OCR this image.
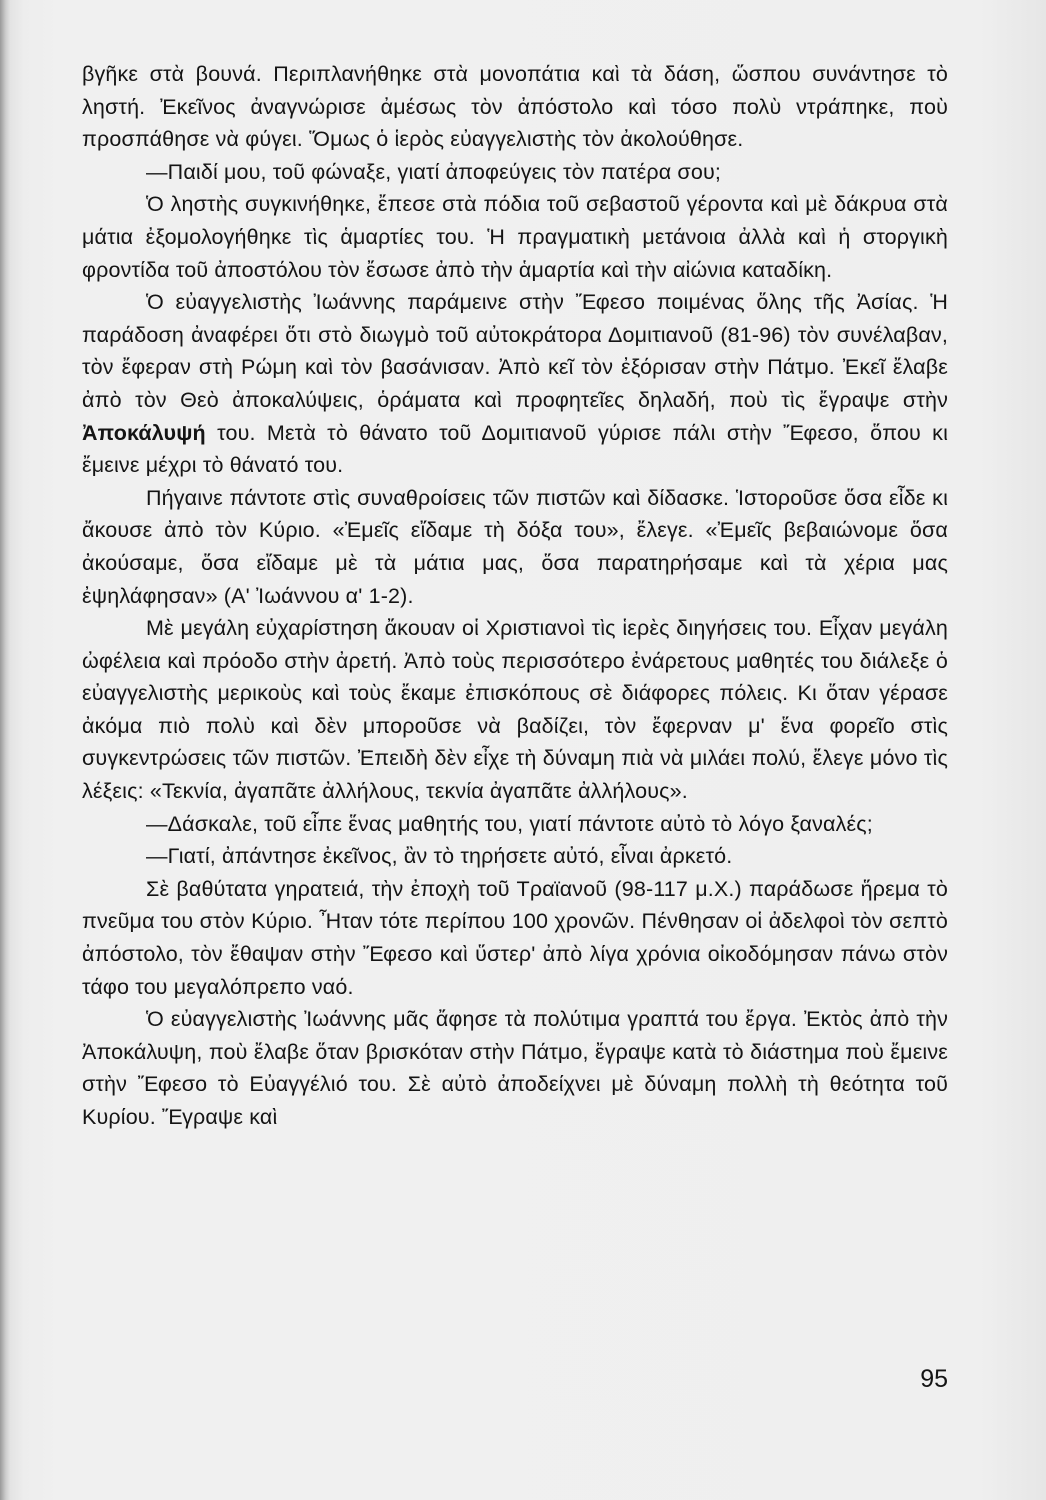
βγῆκε στὰ βουνά. Περιπλανήθηκε στὰ μονοπάτια καὶ τὰ δάση, ὥσπου συνάντησε τὸ ληστή. Ἐκεῖνος ἀναγνώρισε ἀμέσως τὸν ἀπόστολο καὶ τόσο πολὺ ντράπηκε, ποὺ προσπάθησε νὰ φύγει. Ὅμως ὁ ἱερὸς εὐαγγελιστὴς τὸν ἀκολούθησε.

—Παιδί μου, τοῦ φώναξε, γιατί ἀποφεύγεις τὸν πατέρα σου;

Ὁ ληστὴς συγκινήθηκε, ἔπεσε στὰ πόδια τοῦ σεβαστοῦ γέροντα καὶ μὲ δάκρυα στὰ μάτια ἐξομολογήθηκε τὶς ἁμαρτίες του. Ἡ πραγματικὴ μετάνοια ἀλλὰ καὶ ἡ στοργικὴ φροντίδα τοῦ ἀποστόλου τὸν ἔσωσε ἀπὸ τὴν ἁμαρτία καὶ τὴν αἰώνια καταδίκη.

Ὁ εὐαγγελιστὴς Ἰωάννης παράμεινε στὴν Ἔφεσο ποιμένας ὅλης τῆς Ἀσίας. Ἡ παράδοση ἀναφέρει ὅτι στὸ διωγμὸ τοῦ αὐτοκράτορα Δομιτιανοῦ (81-96) τὸν συνέλαβαν, τὸν ἔφεραν στὴ Ρώμη καὶ τὸν βασάνισαν. Ἀπὸ κεῖ τὸν ἐξόρισαν στὴν Πάτμο. Ἐκεῖ ἔλαβε ἀπὸ τὸν Θεὸ ἀποκαλύψεις, ὁράματα καὶ προφητεῖες δηλαδή, ποὺ τὶς ἔγραψε στὴν Ἀποκάλυψή του. Μετὰ τὸ θάνατο τοῦ Δομιτιανοῦ γύρισε πάλι στὴν Ἔφεσο, ὅπου κι ἔμεινε μέχρι τὸ θάνατό του.

Πήγαινε πάντοτε στὶς συναθροίσεις τῶν πιστῶν καὶ δίδασκε. Ἱστοροῦσε ὅσα εἶδε κι ἄκουσε ἀπὸ τὸν Κύριο. «Ἐμεῖς εἴδαμε τὴ δόξα του», ἔλεγε. «Ἐμεῖς βεβαιώνομε ὅσα ἀκούσαμε, ὅσα εἴδαμε μὲ τὰ μάτια μας, ὅσα παρατηρήσαμε καὶ τὰ χέρια μας ἐψηλάφησαν» (Α' Ἰωάννου α' 1-2).

Μὲ μεγάλη εὐχαρίστηση ἄκουαν οἱ Χριστιανοὶ τὶς ἱερὲς διηγήσεις του. Εἶχαν μεγάλη ὠφέλεια καὶ πρόοδο στὴν ἀρετή. Ἀπὸ τοὺς περισσότερο ἐνάρετους μαθητές του διάλεξε ὁ εὐαγγελιστὴς μερικοὺς καὶ τοὺς ἔκαμε ἐπισκόπους σὲ διάφορες πόλεις. Κι ὅταν γέρασε ἀκόμα πιὸ πολὺ καὶ δὲν μποροῦσε νὰ βαδίζει, τὸν ἔφερναν μ' ἕνα φορεῖο στὶς συγκεντρώσεις τῶν πιστῶν. Ἐπειδὴ δὲν εἶχε τὴ δύναμη πιὰ νὰ μιλάει πολύ, ἔλεγε μόνο τὶς λέξεις: «Τεκνία, ἀγαπᾶτε ἀλλήλους, τεκνία ἀγαπᾶτε ἀλλήλους».

—Δάσκαλε, τοῦ εἶπε ἕνας μαθητής του, γιατί πάντοτε αὐτὸ τὸ λόγο ξαναλές;

—Γιατί, ἀπάντησε ἐκεῖνος, ἂν τὸ τηρήσετε αὐτό, εἶναι ἀρκετό.

Σὲ βαθύτατα γηρατειά, τὴν ἐποχὴ τοῦ Τραϊανοῦ (98-117 μ.Χ.) παράδωσε ἥρεμα τὸ πνεῦμα του στὸν Κύριο. Ἦταν τότε περίπου 100 χρονῶν. Πένθησαν οἱ ἀδελφοὶ τὸν σεπτὸ ἀπόστολο, τὸν ἔθαψαν στὴν Ἔφεσο καὶ ὕστερ' ἀπὸ λίγα χρόνια οἰκοδόμησαν πάνω στὸν τάφο του μεγαλόπρεπο ναό.

Ὁ εὐαγγελιστὴς Ἰωάννης μᾶς ἄφησε τὰ πολύτιμα γραπτά του ἔργα. Ἐκτὸς ἀπὸ τὴν Ἀποκάλυψη, ποὺ ἔλαβε ὅταν βρισκόταν στὴν Πάτμο, ἔγραψε κατὰ τὸ διάστημα ποὺ ἔμεινε στὴν Ἔφεσο τὸ Εὐαγγέλιό του. Σὲ αὐτὸ ἀποδείχνει μὲ δύναμη πολλὴ τὴ θεότητα τοῦ Κυρίου. Ἔγραψε καὶ

95
